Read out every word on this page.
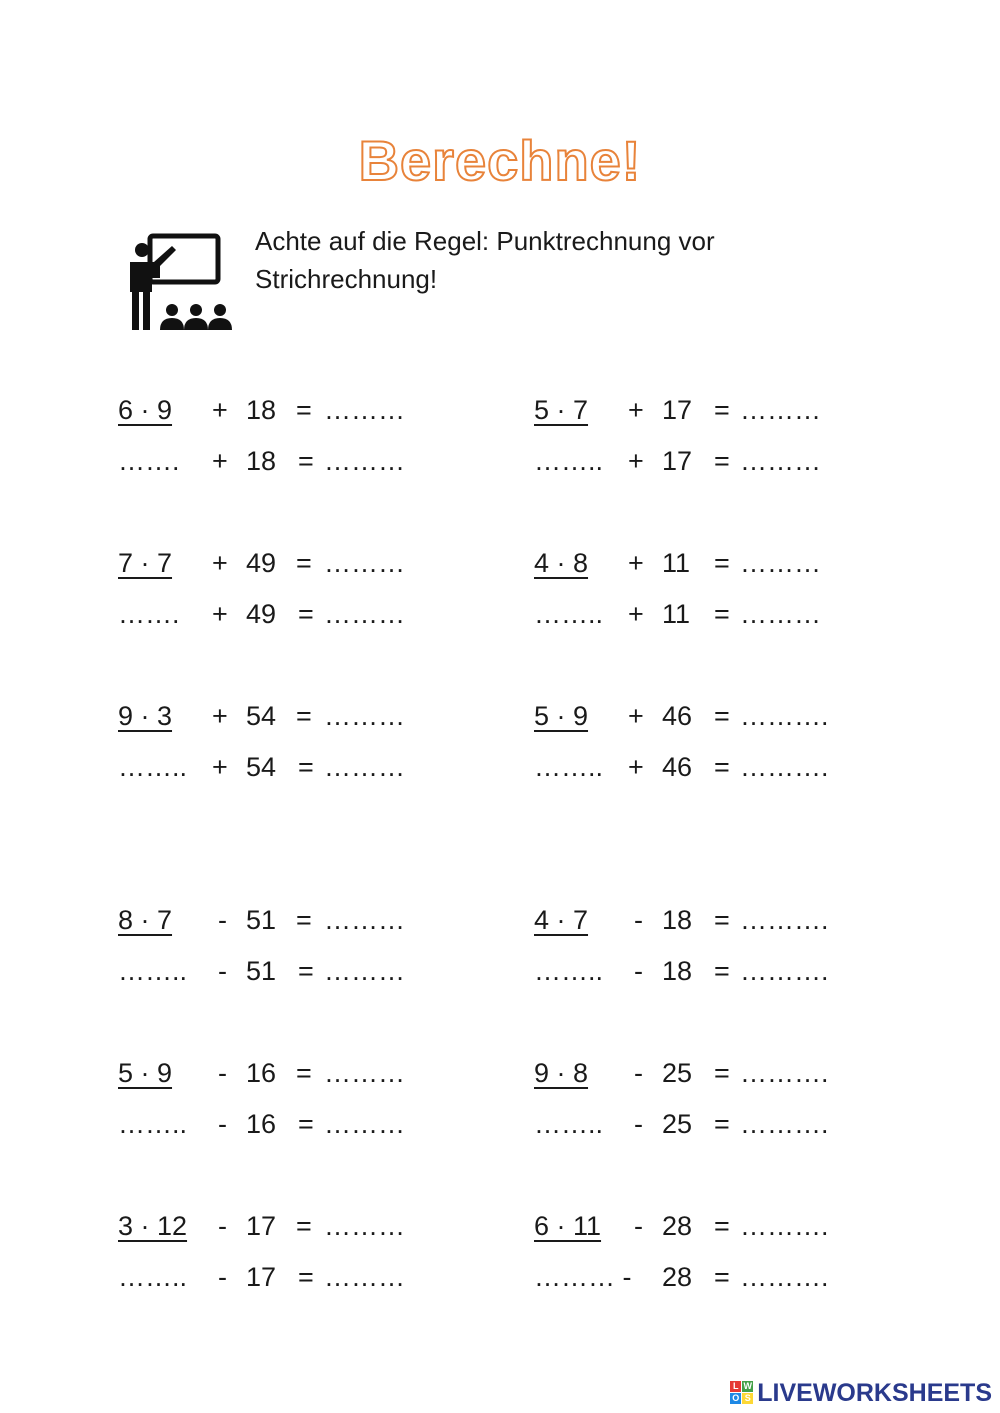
Berechne!
Achte auf die Regel: Punktrechnung vor
Strichrechnung!
6 · 9 + 18 = ………
……. + 18 = ………
5 · 7 + 17 = ………
…….. + 17 = ………
7 · 7 + 49 = ………
……. + 49 = ………
4 · 8 + 11 = ………
…….. + 11 = ………
9 · 3 + 54 = ………
…….. + 54 = ………
5 · 9 + 46 = ……….
…….. + 46 = ……….
8 · 7 - 51 = ………
…….. - 51 = ………
4 · 7 - 18 = ……….
…….. - 18 = ……….
5 · 9 - 16 = ………
…….. - 16 = ………
9 · 8 - 25 = ……….
…….. - 25 = ……….
3 · 12 - 17 = ………
…….. - 17 = ………
6 · 11 - 28 = ……….
……… - 28 = ……….
L W
O S LIVEWORKSHEETS
